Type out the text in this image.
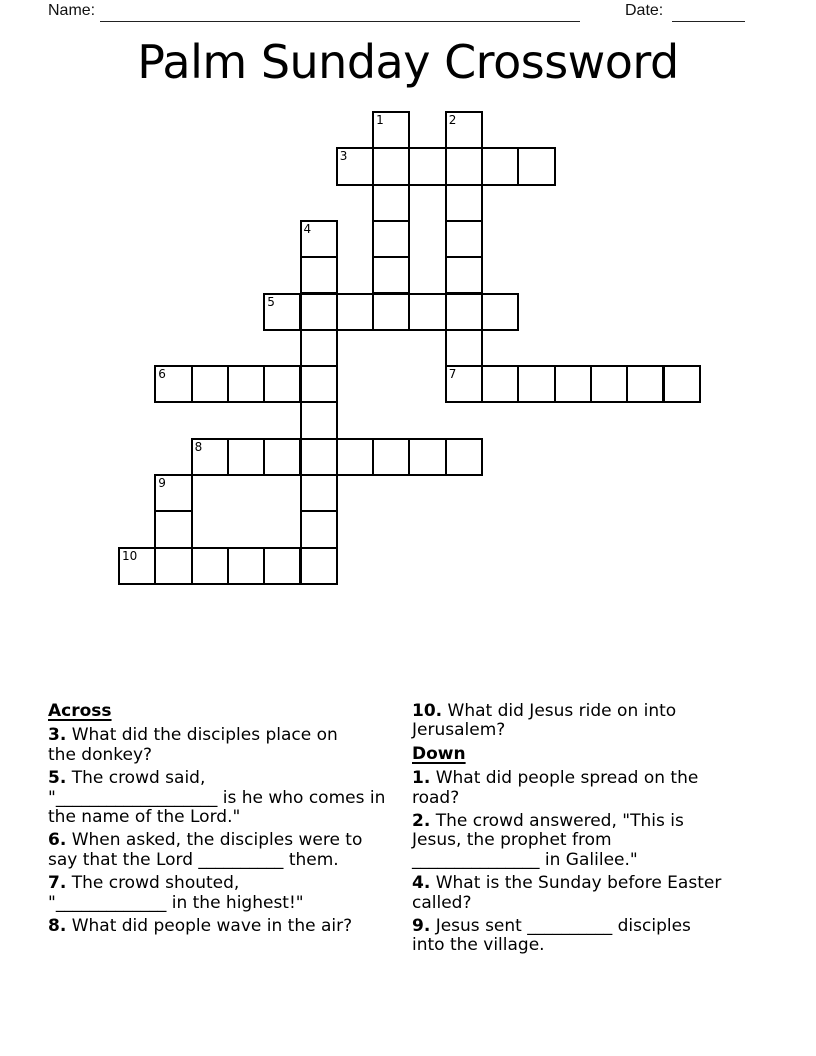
Name:	Date:
Palm Sunday Crossword
1	2
7
3
4
5
6
8
9
10
Across
3. What did the disciples place on
the donkey?
5. The crowd said,
"___________________ is he who comes in
the name of the Lord."
6. When asked, the disciples were to
say that the Lord __________ them.
7. The crowd shouted,
"_____________ in the highest!"
8. What did people wave in the air?
10. What did Jesus ride on into
Jerusalem?
Down
1. What did people spread on the
road?
2. The crowd answered, "This is
Jesus, the prophet from
_______________ in Galilee."
4. What is the Sunday before Easter
called?
9. Jesus sent __________ disciples
into the village.
